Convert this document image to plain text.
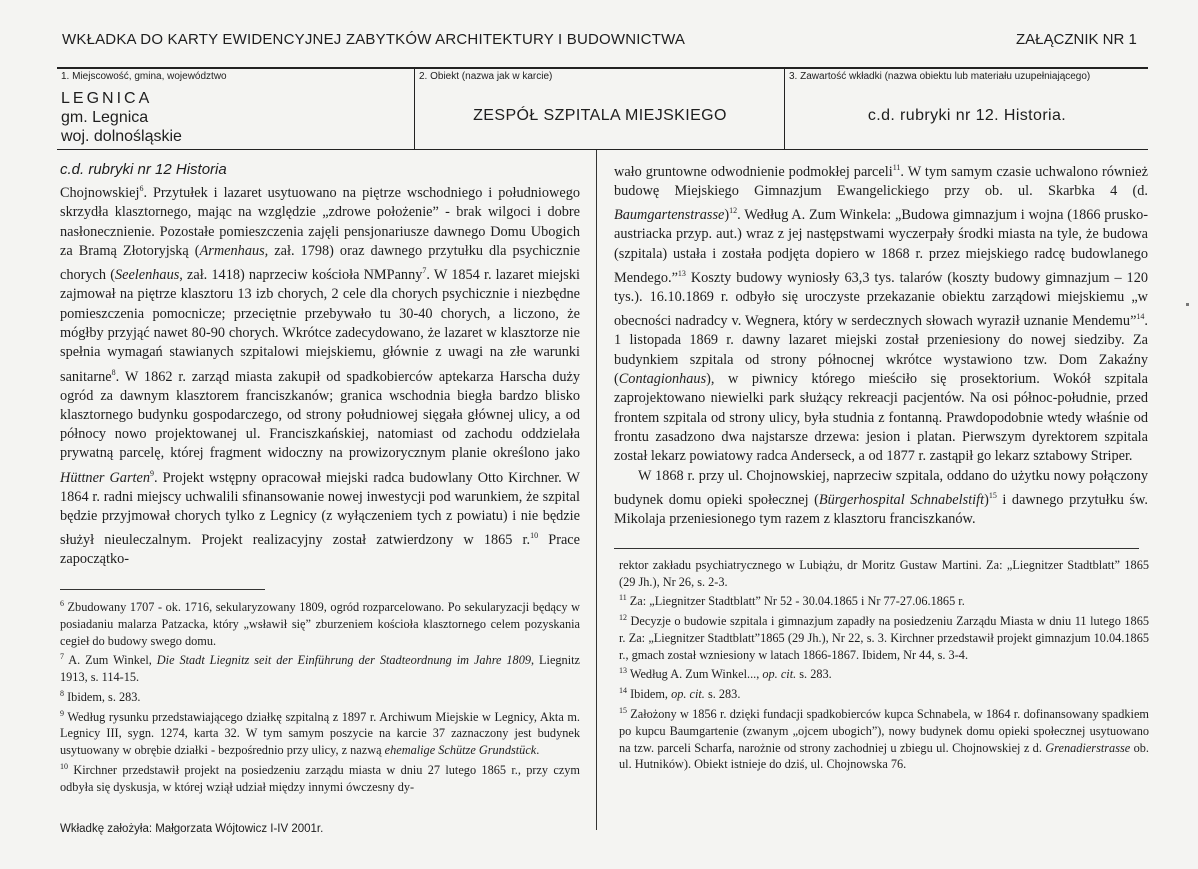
WKŁADKA DO KARTY EWIDENCYJNEJ ZABYTKÓW ARCHITEKTURY I BUDOWNICTWA	ZAŁĄCZNIK NR 1
1. Miejscowość, gmina, województwo
LEGNICA
gm. Legnica
woj. dolnośląskie
2. Obiekt (nazwa jak w karcie)
ZESPÓŁ SZPITALA MIEJSKIEGO
3. Zawartość wkładki (nazwa obiektu lub materiału uzupełniającego)
c.d. rubryki nr 12. Historia.
c.d. rubryki nr 12 Historia
Chojnowskiej$^6$. Przytułek i lazaret usytuowano na piętrze wschodniego i południowego skrzydła klasztornego, mając na względzie „zdrowe położenie” - brak wilgoci i dobre nasłonecznienie. Pozostałe pomieszczenia zajęli pensjonariusze dawnego Domu Ubogich za Bramą Złotoryjską (Armenhaus, zał. 1798) oraz dawnego przytułku dla psychicznie chorych (Seelenhaus, zał. 1418) naprzeciw kościoła NMPanny$^7$. W 1854 r. lazaret miejski zajmował na piętrze klasztoru 13 izb chorych, 2 cele dla chorych psychicznie i niezbędne pomieszczenia pomocnicze; przeciętnie przebywało tu 30-40 chorych, a liczono, że mógłby przyjąć nawet 80-90 chorych. Wkrótce zadecydowano, że lazaret w klasztorze nie spełnia wymagań stawianych szpitalowi miejskiemu, głównie z uwagi na złe warunki sanitarne$^8$. W 1862 r. zarząd miasta zakupił od spadkobierców aptekarza Harscha duży ogród za dawnym klasztorem franciszkanów; granica wschodnia biegła bardzo blisko klasztornego budynku gospodarczego, od strony południowej sięgała głównej ulicy, a od północy nowo projektowanej ul. Franciszkańskiej, natomiast od zachodu oddzielała prywatną parcelę, której fragment widoczny na prowizorycznym planie określono jako Hüttner Garten$^9$. Projekt wstępny opracował miejski radca budowlany Otto Kirchner. W 1864 r. radni miejscy uchwalili sfinansowanie nowej inwestycji pod warunkiem, że szpital będzie przyjmował chorych tylko z Legnicy (z wyłączeniem tych z powiatu) i nie będzie służył nieuleczalnym. Projekt realizacyjny został zatwierdzony w 1865 r.$^{10}$ Prace zapoczątko-
wało gruntowne odwodnienie podmokłej parceli$^{11}$. W tym samym czasie uchwalono również budowę Miejskiego Gimnazjum Ewangelickiego przy ob. ul. Skarbka 4 (d. Baumgartenstrasse)$^{12}$. Według A. Zum Winkela: „Budowa gimnazjum i wojna (1866 prusko-austriacka przyp. aut.) wraz z jej następstwami wyczerpały środki miasta na tyle, że budowa (szpitala) ustała i została podjęta dopiero w 1868 r. przez miejskiego radcę budowlanego Mendego.”$^{13}$ Koszty budowy wyniosły 63,3 tys. talarów (koszty budowy gimnazjum – 120 tys.). 16.10.1869 r. odbyło się uroczyste przekazanie obiektu zarządowi miejskiemu „w obecności nadradcy v. Wegnera, który w serdecznych słowach wyraził uznanie Mendemu”$^{14}$. 1 listopada 1869 r. dawny lazaret miejski został przeniesiony do nowej siedziby. Za budynkiem szpitala od strony północnej wkrótce wystawiono tzw. Dom Zakaźny (Contagionhaus), w piwnicy którego mieściło się prosektorium. Wokół szpitala zaprojektowano niewielki park służący rekreacji pacjentów. Na osi północ-południe, przed frontem szpitala od strony ulicy, była studnia z fontanną. Prawdopodobnie wtedy właśnie od frontu zasadzono dwa najstarsze drzewa: jesion i platan. Pierwszym dyrektorem szpitala został lekarz powiatowy radca Anderseck, a od 1877 r. zastąpił go lekarz sztabowy Striper.
W 1868 r. przy ul. Chojnowskiej, naprzeciw szpitala, oddano do użytku nowy połączony budynek domu opieki społecznej (Bürgerhospital Schnabelstift)$^{15}$ i dawnego przytułku św. Mikolaja przeniesionego tym razem z klasztoru franciszkanów.
$^6$ Zbudowany 1707 - ok. 1716, sekularyzowany 1809, ogród rozparcelowano. Po sekularyzacji będący w posiadaniu malarza Patzacka, który „wsławił się” zburzeniem kościoła klasztornego celem pozyskania cegieł do budowy swego domu.
$^7$ A. Zum Winkel, Die Stadt Liegnitz seit der Einführung der Stadteordnung im Jahre 1809, Liegnitz 1913, s. 114-15.
$^8$ Ibidem, s. 283.
$^9$ Według rysunku przedstawiającego działkę szpitalną z 1897 r. Archiwum Miejskie w Legnicy, Akta m. Legnicy III, sygn. 1274, karta 32. W tym samym poszycie na karcie 37 zaznaczony jest budynek usytuowany w obrębie działki - bezpośrednio przy ulicy, z nazwą ehemalige Schütze Grundstück.
$^{10}$ Kirchner przedstawił projekt na posiedzeniu zarządu miasta w dniu 27 lutego 1865 r., przy czym odbyła się dyskusja, w której wziął udział między innymi ówczesny dy-
rektor zakładu psychiatrycznego w Lubiążu, dr Moritz Gustaw Martini. Za: „Liegnitzer Stadtblatt” 1865 (29 Jh.), Nr 26, s. 2-3.
$^{11}$ Za: „Liegnitzer Stadtblatt” Nr 52 - 30.04.1865 i Nr 77-27.06.1865 r.
$^{12}$ Decyzje o budowie szpitala i gimnazjum zapadły na posiedzeniu Zarządu Miasta w dniu 11 lutego 1865 r. Za: „Liegnitzer Stadtblatt”1865 (29 Jh.), Nr 22, s. 3. Kirchner przedstawił projekt gimnazjum 10.04.1865 r., gmach został wzniesiony w latach 1866-1867. Ibidem, Nr 44, s. 3-4.
$^{13}$ Według A. Zum Winkel..., op. cit. s. 283.
$^{14}$ Ibidem, op. cit. s. 283.
$^{15}$ Założony w 1856 r. dzięki fundacji spadkobierców kupca Schnabela, w 1864 r. dofinansowany spadkiem po kupcu Baumgartenie (zwanym „ojcem ubogich”), nowy budynek domu opieki społecznej usytuowano na tzw. parceli Scharfa, narożnie od strony zachodniej u zbiegu ul. Chojnowskiej z d. Grenadierstrasse ob. ul. Hutników). Obiekt istnieje do dziś, ul. Chojnowska 76.
Wkładkę założyła: Małgorzata Wójtowicz I-IV 2001r.
